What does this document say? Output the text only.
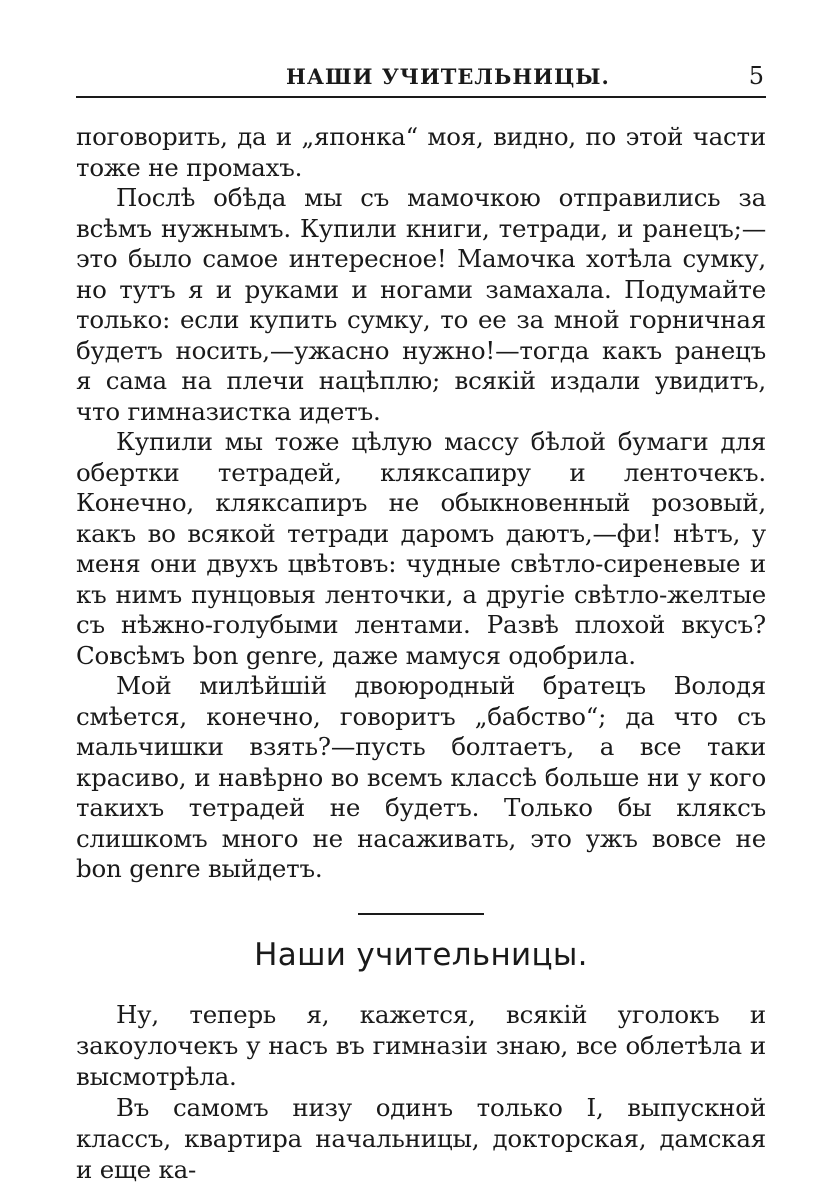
НАШИ УЧИТЕЛЬНИЦЫ.	5

поговорить, да и „японка“ моя, видно, по этой части тоже не промахъ.

Послѣ обѣда мы съ мамочкою отправились за всѣмъ нужнымъ. Купили книги, тетради, и ранецъ;—это было самое интересное! Мамочка хотѣла сумку, но тутъ я и руками и ногами замахала. Подумайте только: если купить сумку, то ее за мной горничная будетъ носить,—ужасно нужно!—тогда какъ ранецъ я сама на плечи нацѣплю; всякій издали увидитъ, что гимназистка идетъ.

Купили мы тоже цѣлую массу бѣлой бумаги для обертки тетрадей, кляксапиру и ленточекъ. Конечно, кляксапиръ не обыкновенный розовый, какъ во всякой тетради даромъ даютъ,—фи! нѣтъ, у меня они двухъ цвѣтовъ: чудные свѣтло-сиреневые и къ нимъ пунцовыя ленточки, а другіе свѣтло-желтые съ нѣжно-голубыми лентами. Развѣ плохой вкусъ? Совсѣмъ bon genre, даже мамуся одобрила.

Мой милѣйшій двоюродный братецъ Володя смѣется, конечно, говоритъ „бабство“; да что съ мальчишки взять?—пусть болтаетъ, а все таки красиво, и навѣрно во всемъ классѣ больше ни у кого такихъ тетрадей не будетъ. Только бы кляксъ слишкомъ много не насаживать, это ужъ вовсе не bon genre выйдетъ.

Наши учительницы.

Ну, теперь я, кажется, всякій уголокъ и закоулочекъ у насъ въ гимназіи знаю, все облетѣла и высмотрѣла.

Въ самомъ низу одинъ только I, выпускной классъ, квартира начальницы, докторская, дамская и еще ка-
